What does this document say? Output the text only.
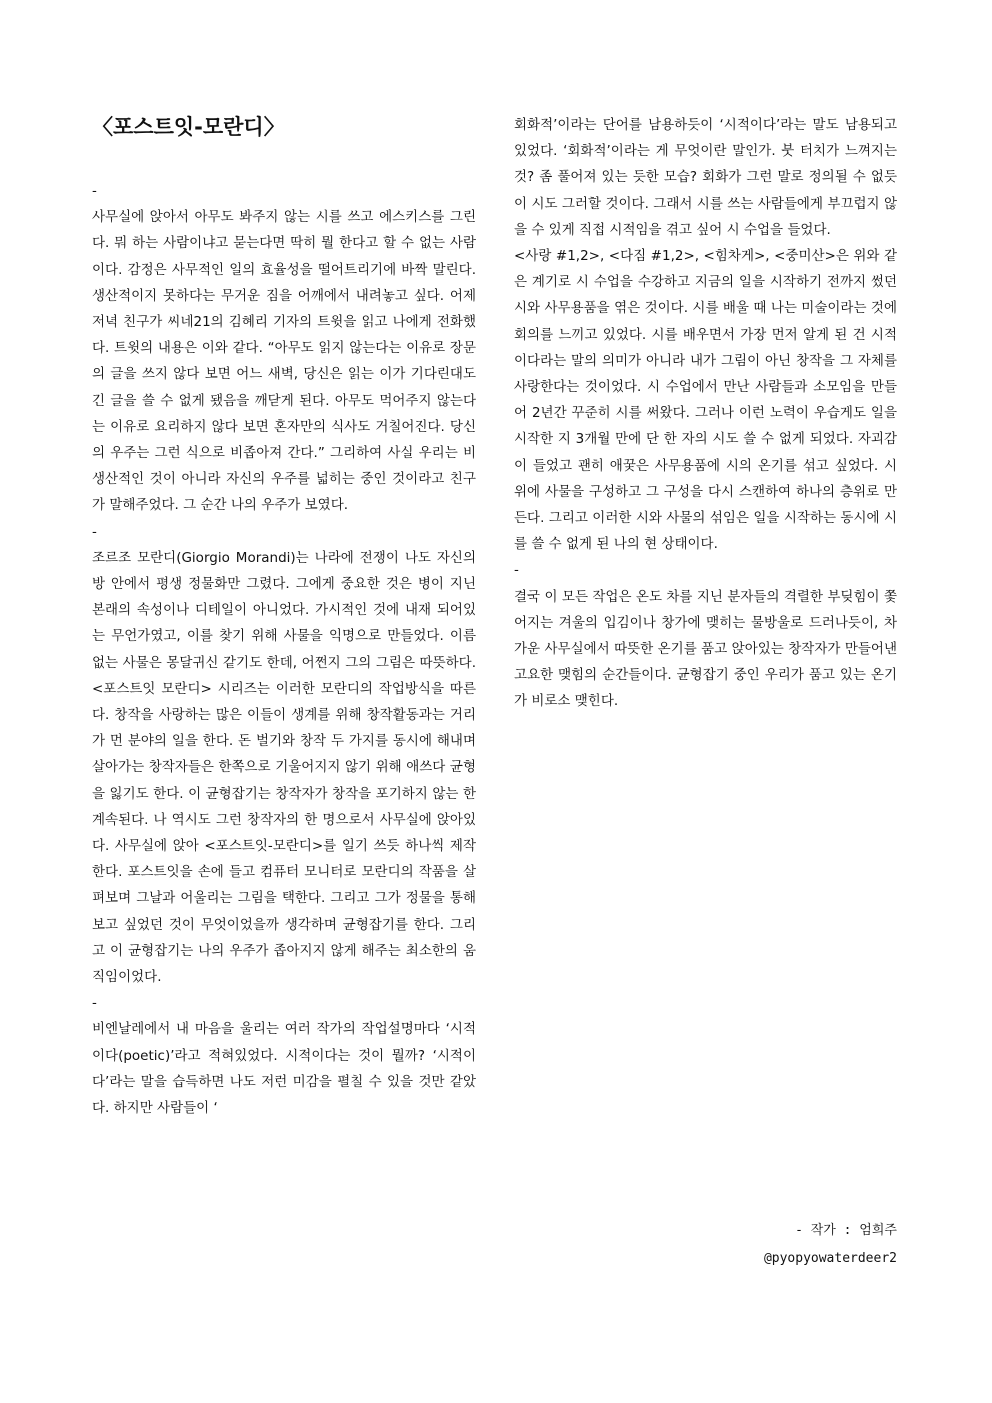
〈포스트잇-모란디〉
-

사무실에 앉아서 아무도 봐주지 않는 시를 쓰고 에스키스를 그린다. 뭐 하는 사람이냐고 묻는다면 딱히 뭘 한다고 할 수 없는 사람이다. 감정은 사무적인 일의 효율성을 떨어트리기에 바짝 말린다. 생산적이지 못하다는 무거운 짐을 어깨에서 내려놓고 싶다. 어제저녁 친구가 씨네21의 김혜리 기자의 트윗을 읽고 나에게 전화했다. 트윗의 내용은 이와 같다. “아무도 읽지 않는다는 이유로 장문의 글을 쓰지 않다 보면 어느 새벽, 당신은 읽는 이가 기다린대도 긴 글을 쓸 수 없게 됐음을 깨닫게 된다. 아무도 먹어주지 않는다는 이유로 요리하지 않다 보면 혼자만의 식사도 거칠어진다. 당신의 우주는 그런 식으로 비좁아져 간다.” 그리하여 사실 우리는 비생산적인 것이 아니라 자신의 우주를 넓히는 중인 것이라고 친구가 말해주었다. 그 순간 나의 우주가 보였다.

-

조르조 모란디(Giorgio Morandi)는 나라에 전쟁이 나도 자신의 방 안에서 평생 정물화만 그렸다. 그에게 중요한 것은 병이 지닌 본래의 속성이나 디테일이 아니었다. 가시적인 것에 내재 되어있는 무언가였고, 이를 찾기 위해 사물을 익명으로 만들었다. 이름 없는 사물은 몽달귀신 같기도 한데, 어쩐지 그의 그림은 따뜻하다. <포스트잇 모란디> 시리즈는 이러한 모란디의 작업방식을 따른다. 창작을 사랑하는 많은 이들이 생계를 위해 창작활동과는 거리가 먼 분야의 일을 한다. 돈 벌기와 창작 두 가지를 동시에 해내며 살아가는 창작자들은 한쪽으로 기울어지지 않기 위해 애쓰다 균형을 잃기도 한다. 이 균형잡기는 창작자가 창작을 포기하지 않는 한 계속된다. 나 역시도 그런 창작자의 한 명으로서 사무실에 앉아있다. 사무실에 앉아 <포스트잇-모란디>를 일기 쓰듯 하나씩 제작한다. 포스트잇을 손에 들고 컴퓨터 모니터로 모란디의 작품을 살펴보며 그날과 어울리는 그림을 택한다. 그리고 그가 정물을 통해 보고 싶었던 것이 무엇이었을까 생각하며 균형잡기를 한다. 그리고 이 균형잡기는 나의 우주가 좁아지지 않게 해주는 최소한의 움직임이었다.

-

비엔날레에서 내 마음을 울리는 여러 작가의 작업설명마다 ‘시적이다(poetic)’라고 적혀있었다. 시적이다는 것이 뭘까? ‘시적이다’라는 말을 습득하면 나도 저런 미감을 펼칠 수 있을 것만 같았다. 하지만 사람들이 ‘

회화적’이라는 단어를 남용하듯이 ‘시적이다’라는 말도 남용되고 있었다. ‘회화적’이라는 게 무엇이란 말인가. 붓 터치가 느껴지는 것? 좀 풀어져 있는 듯한 모습? 회화가 그런 말로 정의될 수 없듯이 시도 그러할 것이다. 그래서 시를 쓰는 사람들에게 부끄럽지 않을 수 있게 직접 시적임을 겪고 싶어 시 수업을 들었다.

<사랑 #1,2>, <다짐 #1,2>, <힘차게>, <중미산>은 위와 같은 계기로 시 수업을 수강하고 지금의 일을 시작하기 전까지 썼던 시와 사무용품을 엮은 것이다. 시를 배울 때 나는 미술이라는 것에 회의를 느끼고 있었다. 시를 배우면서 가장 먼저 알게 된 건 시적이다라는 말의 의미가 아니라 내가 그림이 아닌 창작을 그 자체를 사랑한다는 것이었다. 시 수업에서 만난 사람들과 소모임을 만들어 2년간 꾸준히 시를 써왔다. 그러나 이런 노력이 우습게도 일을 시작한 지 3개월 만에 단 한 자의 시도 쓸 수 없게 되었다. 자괴감이 들었고 괜히 애꿎은 사무용품에 시의 온기를 섞고 싶었다. 시 위에 사물을 구성하고 그 구성을 다시 스캔하여 하나의 층위로 만든다. 그리고 이러한 시와 사물의 섞임은 일을 시작하는 동시에 시를 쓸 수 없게 된 나의 현 상태이다.

-

결국 이 모든 작업은 온도 차를 지닌 분자들의 격렬한 부딪힘이 쫓어지는 겨울의 입김이나 창가에 맺히는 물방울로 드러나듯이, 차가운 사무실에서 따뜻한 온기를 품고 앉아있는 창작자가 만들어낸 고요한 맺힘의 순간들이다. 균형잡기 중인 우리가 품고 있는 온기가 비로소 맺힌다.

- 작가 : 엄희주
@pyopyowaterdeer2
